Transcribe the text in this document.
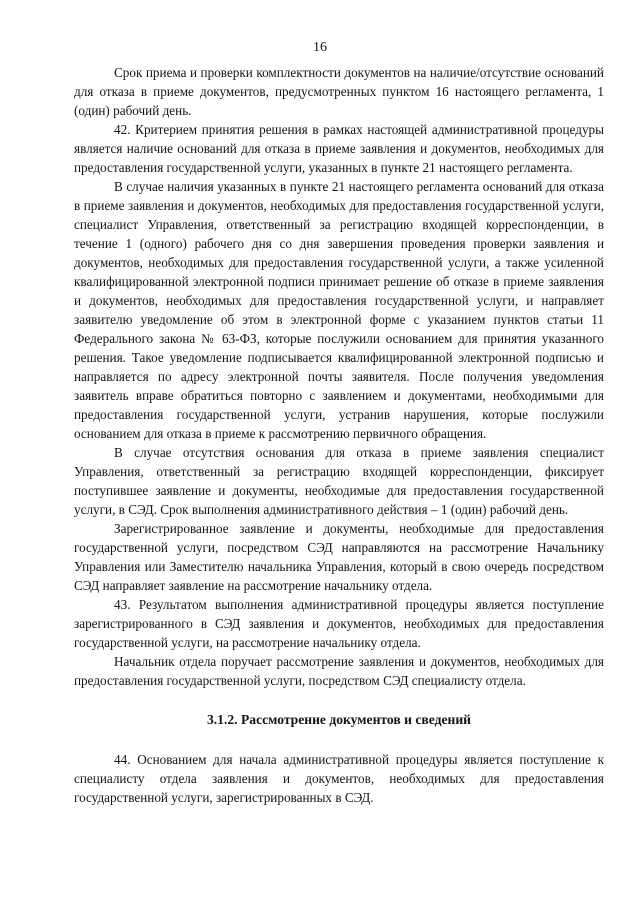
16

Срок приема и проверки комплектности документов на наличие/отсутствие оснований для отказа в приеме документов, предусмотренных пунктом 16 настоящего регламента, 1 (один) рабочий день.

42. Критерием принятия решения в рамках настоящей административной процедуры является наличие оснований для отказа в приеме заявления и документов, необходимых для предоставления государственной услуги, указанных в пункте 21 настоящего регламента.

В случае наличия указанных в пункте 21 настоящего регламента оснований для отказа в приеме заявления и документов, необходимых для предоставления государственной услуги, специалист Управления, ответственный за регистрацию входящей корреспонденции, в течение 1 (одного) рабочего дня со дня завершения проведения проверки заявления и документов, необходимых для предоставления государственной услуги, а также усиленной квалифицированной электронной подписи принимает решение об отказе в приеме заявления и документов, необходимых для предоставления государственной услуги, и направляет заявителю уведомление об этом в электронной форме с указанием пунктов статьи 11 Федерального закона № 63-ФЗ, которые послужили основанием для принятия указанного решения. Такое уведомление подписывается квалифицированной электронной подписью и направляется по адресу электронной почты заявителя. После получения уведомления заявитель вправе обратиться повторно с заявлением и документами, необходимыми для предоставления государственной услуги, устранив нарушения, которые послужили основанием для отказа в приеме к рассмотрению первичного обращения.

В случае отсутствия основания для отказа в приеме заявления специалист Управления, ответственный за регистрацию входящей корреспонденции, фиксирует поступившее заявление и документы, необходимые для предоставления государственной услуги, в СЭД. Срок выполнения административного действия – 1 (один) рабочий день.

Зарегистрированное заявление и документы, необходимые для предоставления государственной услуги, посредством СЭД направляются на рассмотрение Начальнику Управления или Заместителю начальника Управления, который в свою очередь посредством СЭД направляет заявление на рассмотрение начальнику отдела.

43. Результатом выполнения административной процедуры является поступление зарегистрированного в СЭД заявления и документов, необходимых для предоставления государственной услуги, на рассмотрение начальнику отдела.

Начальник отдела поручает рассмотрение заявления и документов, необходимых для предоставления государственной услуги, посредством СЭД специалисту отдела.

3.1.2. Рассмотрение документов и сведений

44. Основанием для начала административной процедуры является поступление к специалисту отдела заявления и документов, необходимых для предоставления государственной услуги, зарегистрированных в СЭД.
